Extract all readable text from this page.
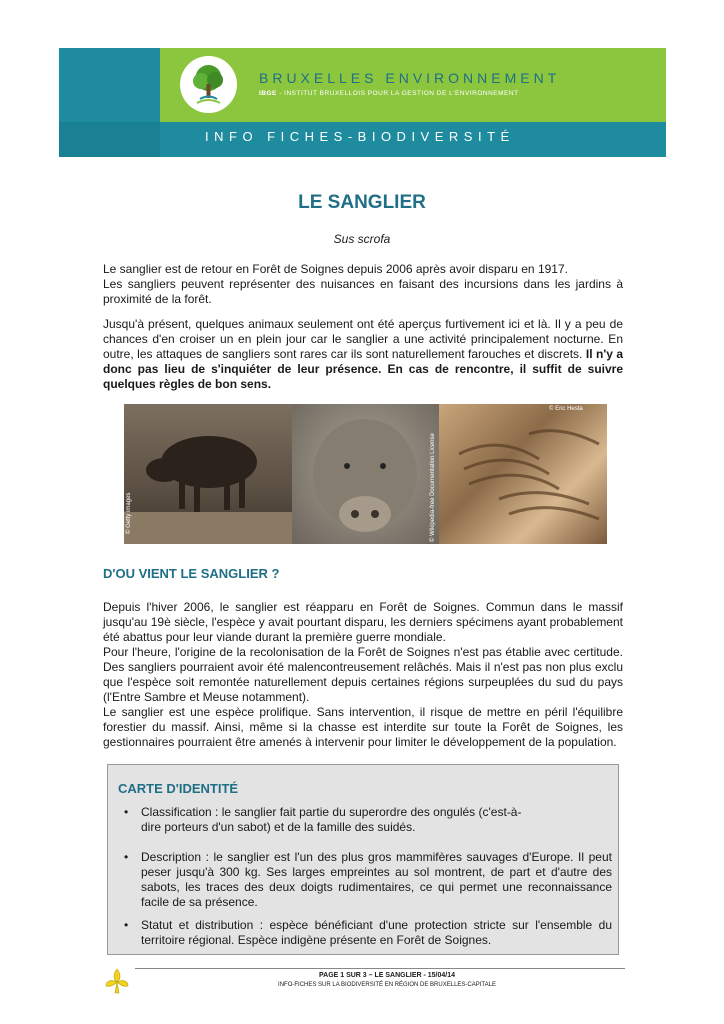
BRUXELLES ENVIRONNEMENT
IBGE - INSTITUT BRUXELLOIS POUR LA GESTION DE L'ENVIRONNEMENT
INFO FICHES-BIODIVERSITÉ
LE SANGLIER
Sus scrofa
Le sanglier est de retour en Forêt de Soignes depuis 2006 après avoir disparu en 1917.
Les sangliers peuvent représenter des nuisances en faisant des incursions dans les jardins à proximité de la forêt.
Jusqu'à présent, quelques animaux seulement ont été aperçus furtivement ici et là. Il y a peu de chances d'en croiser un en plein jour car le sanglier a une activité principalement nocturne. En outre, les attaques de sangliers sont rares car ils sont naturellement farouches et discrets. Il n'y a donc pas lieu de s'inquiéter de leur présence. En cas de rencontre, il suffit de suivre quelques règles de bon sens.
© Getty images	© Wikipedia-free Documentation License
© Eric Hesta
D'OU VIENT LE SANGLIER ?
Depuis l'hiver 2006, le sanglier est réapparu en Forêt de Soignes. Commun dans le massif jusqu'au 19è siècle, l'espèce y avait pourtant disparu, les derniers spécimens ayant probablement été abattus pour leur viande durant la première guerre mondiale.
Pour l'heure, l'origine de la recolonisation de la Forêt de Soignes n'est pas établie avec certitude. Des sangliers pourraient avoir été malencontreusement relâchés. Mais il n'est pas non plus exclu que l'espèce soit remontée naturellement depuis certaines régions surpeuplées du sud du pays (l'Entre Sambre et Meuse notamment).
Le sanglier est une espèce prolifique. Sans intervention, il risque de mettre en péril l'équilibre forestier du massif. Ainsi, même si la chasse est interdite sur toute la Forêt de Soignes, les gestionnaires pourraient être amenés à intervenir pour limiter le développement de la population.
CARTE D'IDENTITÉ
• Classification : le sanglier fait partie du superordre des ongulés (c'est-à-dire porteurs d'un sabot) et de la famille des suidés.
• Description : le sanglier est l'un des plus gros mammifères sauvages d'Europe. Il peut peser jusqu'à 300 kg. Ses larges empreintes au sol montrent, de part et d'autre des sabots, les traces des deux doigts rudimentaires, ce qui permet une reconnaissance facile de sa présence.
• Statut et distribution : espèce bénéficiant d'une protection stricte sur l'ensemble du territoire régional. Espèce indigène présente en Forêt de Soignes.
PAGE 1 SUR 3 – LE SANGLIER - 15/04/14
INFO-FICHES SUR LA BIODIVERSITÉ EN RÉGION DE BRUXELLES-CAPITALE
